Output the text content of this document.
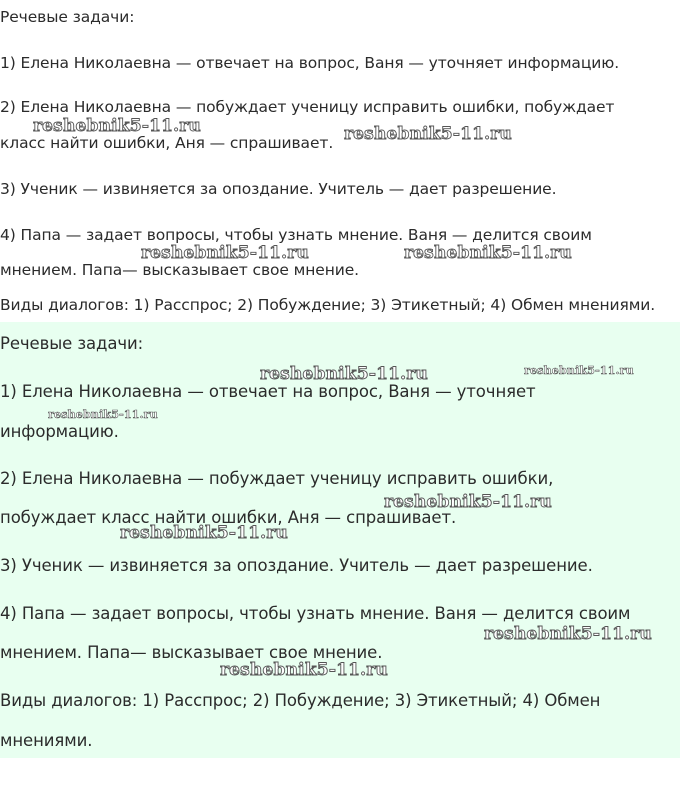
Речевые задачи:

1) Елена Николаевна — отвечает на вопрос, Ваня — уточняет информацию.

2) Елена Николаевна — побуждает ученицу исправить ошибки, побуждает

класс найти ошибки, Аня — спрашивает.

3) Ученик — извиняется за опоздание. Учитель — дает разрешение.

4) Папа — задает вопросы, чтобы узнать мнение. Ваня — делится своим

мнением. Папа— высказывает свое мнение.

Виды диалогов: 1) Расспрос; 2) Побуждение; 3) Этикетный; 4) Обмен мнениями.

reshebnik5-11.ru	reshebnik5-11.ru
reshebnik5-11.ru	reshebnik5-11.ru

Речевые задачи:

1) Елена Николаевна — отвечает на вопрос, Ваня — уточняет

информацию.

2) Елена Николаевна — побуждает ученицу исправить ошибки,

побуждает класс найти ошибки, Аня — спрашивает.

3) Ученик — извиняется за опоздание. Учитель — дает разрешение.

4) Папа — задает вопросы, чтобы узнать мнение. Ваня — делится своим

мнением. Папа— высказывает свое мнение.

Виды диалогов: 1) Расспрос; 2) Побуждение; 3) Этикетный; 4) Обмен

мнениями.

reshebnik5-11.ru	reshebnik5-11.ru
reshebnik5-11.ru
reshebnik5-11.ru
reshebnik5-11.ru
reshebnik5-11.ru
reshebnik5-11.ru
